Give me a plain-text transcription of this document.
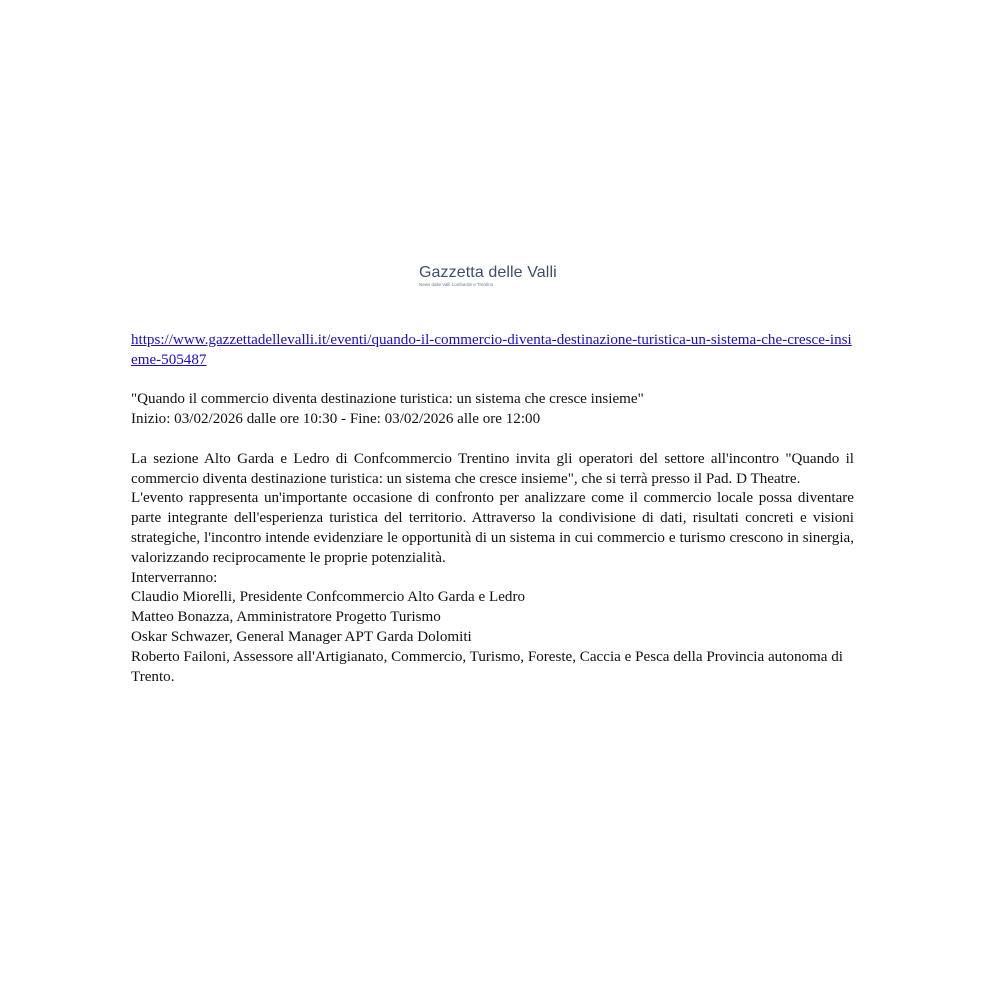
Gazzetta delle Valli
News dalle Valli Lombarde e Trentino
https://www.gazzettadellevalli.it/eventi/quando-il-commercio-diventa-destinazione-turistica-un-sistema-che-cresce-insieme-505487
"Quando il commercio diventa destinazione turistica: un sistema che cresce insieme"
Inizio: 03/02/2026 dalle ore 10:30 - Fine: 03/02/2026 alle ore 12:00
La sezione Alto Garda e Ledro di Confcommercio Trentino invita gli operatori del settore all'incontro "Quando il commercio diventa destinazione turistica: un sistema che cresce insieme", che si terrà presso il Pad. D Theatre.
L'evento rappresenta un'importante occasione di confronto per analizzare come il commercio locale possa diventare parte integrante dell'esperienza turistica del territorio. Attraverso la condivisione di dati, risultati concreti e visioni strategiche, l'incontro intende evidenziare le opportunità di un sistema in cui commercio e turismo crescono in sinergia, valorizzando reciprocamente le proprie potenzialità.
Interverranno:
Claudio Miorelli, Presidente Confcommercio Alto Garda e Ledro
Matteo Bonazza, Amministratore Progetto Turismo
Oskar Schwazer, General Manager APT Garda Dolomiti
Roberto Failoni, Assessore all'Artigianato, Commercio, Turismo, Foreste, Caccia e Pesca della Provincia autonoma di Trento.
